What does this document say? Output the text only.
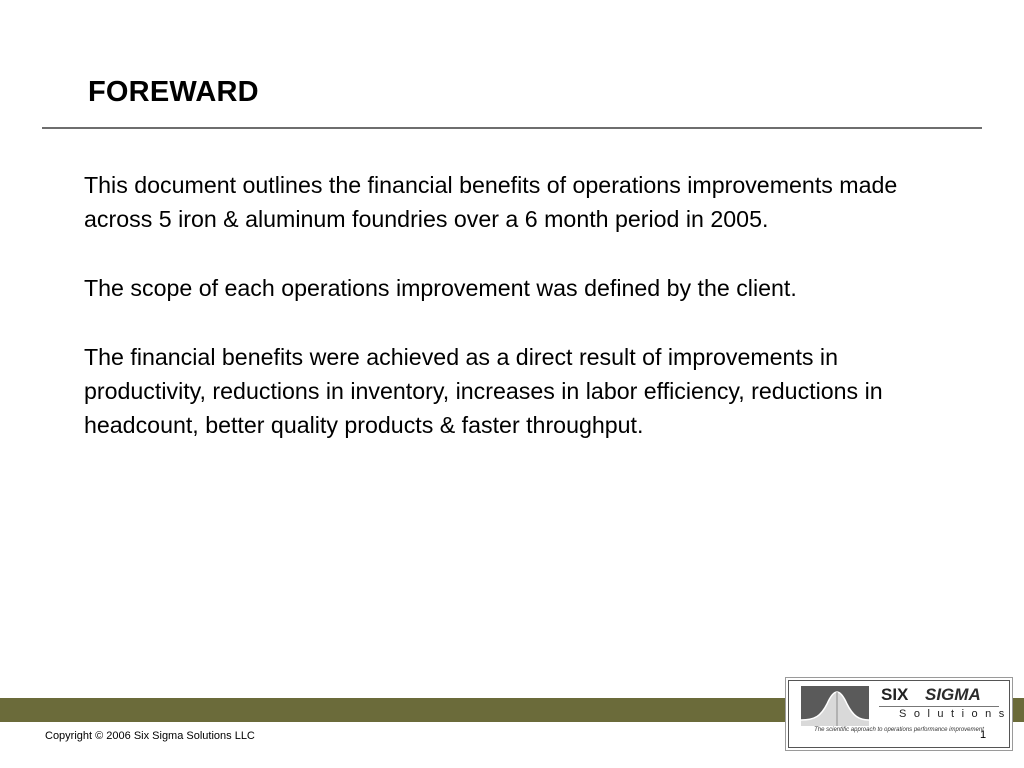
FOREWARD

This document outlines the financial benefits of operations improvements made across 5 iron & aluminum foundries over a 6 month period in 2005.

The scope of each operations improvement was defined by the client.

The financial benefits were achieved as a direct result of improvements in productivity, reductions in inventory, increases in labor efficiency, reductions in headcount, better quality products & faster throughput.

Copyright © 2006 Six Sigma Solutions LLC
SIX SIGMA
Solutions
The scientific approach to operations performance improvement
1
